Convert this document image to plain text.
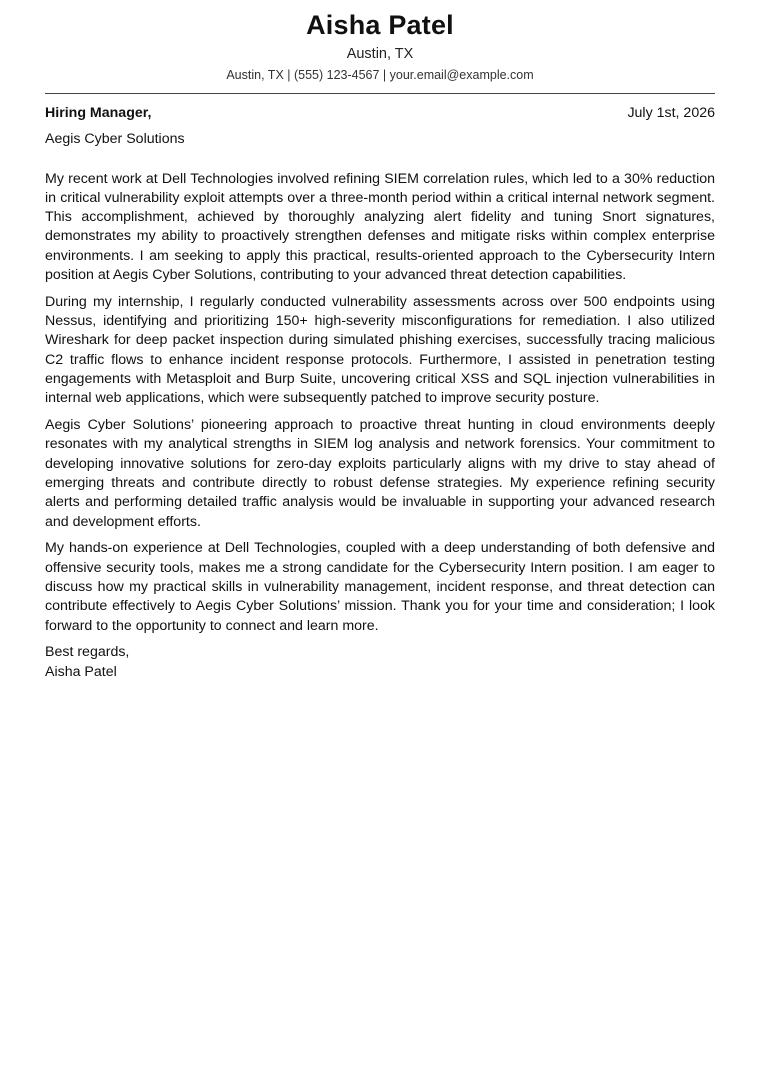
Aisha Patel
Austin, TX
Austin, TX | (555) 123-4567 | your.email@example.com
Hiring Manager,	July 1st, 2026
Aegis Cyber Solutions

My recent work at Dell Technologies involved refining SIEM correlation rules, which led to a 30% reduction in critical vulnerability exploit attempts over a three-month period within a critical internal network segment. This accomplishment, achieved by thoroughly analyzing alert fidelity and tuning Snort signatures, demonstrates my ability to proactively strengthen defenses and mitigate risks within complex enterprise environments. I am seeking to apply this practical, results-oriented approach to the Cybersecurity Intern position at Aegis Cyber Solutions, contributing to your advanced threat detection capabilities.

During my internship, I regularly conducted vulnerability assessments across over 500 endpoints using Nessus, identifying and prioritizing 150+ high-severity misconfigurations for remediation. I also utilized Wireshark for deep packet inspection during simulated phishing exercises, successfully tracing malicious C2 traffic flows to enhance incident response protocols. Furthermore, I assisted in penetration testing engagements with Metasploit and Burp Suite, uncovering critical XSS and SQL injection vulnerabilities in internal web applications, which were subsequently patched to improve security posture.

Aegis Cyber Solutions’ pioneering approach to proactive threat hunting in cloud environments deeply resonates with my analytical strengths in SIEM log analysis and network forensics. Your commitment to developing innovative solutions for zero-day exploits particularly aligns with my drive to stay ahead of emerging threats and contribute directly to robust defense strategies. My experience refining security alerts and performing detailed traffic analysis would be invaluable in supporting your advanced research and development efforts.

My hands-on experience at Dell Technologies, coupled with a deep understanding of both defensive and offensive security tools, makes me a strong candidate for the Cybersecurity Intern position. I am eager to discuss how my practical skills in vulnerability management, incident response, and threat detection can contribute effectively to Aegis Cyber Solutions’ mission. Thank you for your time and consideration; I look forward to the opportunity to connect and learn more.

Best regards,
Aisha Patel
